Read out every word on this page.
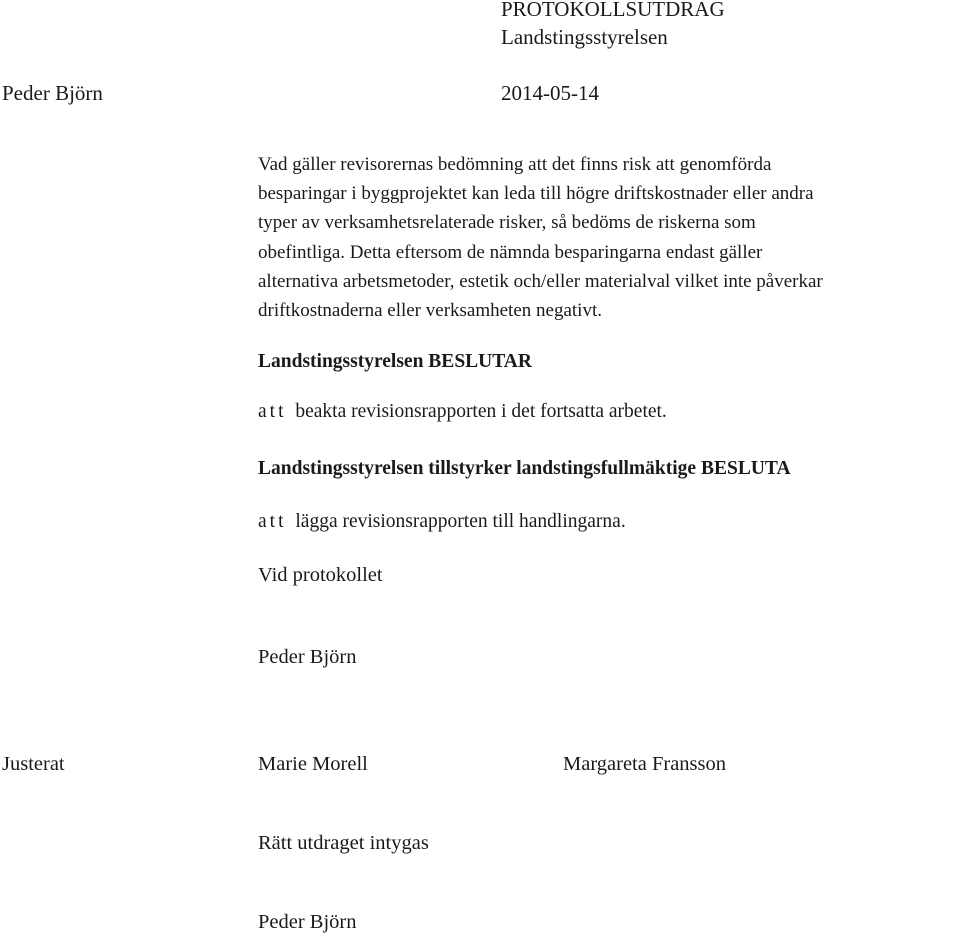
PROTOKOLLSUTDRAG
Landstingsstyrelsen
Peder Björn	2014-05-14
Vad gäller revisorernas bedömning att det finns risk att genomförda
besparingar i byggprojektet kan leda till högre driftskostnader eller andra
typer av verksamhetsrelaterade risker, så bedöms de riskerna som
obefintliga. Detta eftersom de nämnda besparingarna endast gäller
alternativa arbetsmetoder, estetik och/eller materialval vilket inte påverkar
driftkostnaderna eller verksamheten negativt.
Landstingsstyrelsen BESLUTAR
att beakta revisionsrapporten i det fortsatta arbetet.
Landstingsstyrelsen tillstyrker landstingsfullmäktige BESLUTA
att lägga revisionsrapporten till handlingarna.
Vid protokollet
Peder Björn
Justerat	Marie Morell	Margareta Fransson
Rätt utdraget intygas
Peder Björn
